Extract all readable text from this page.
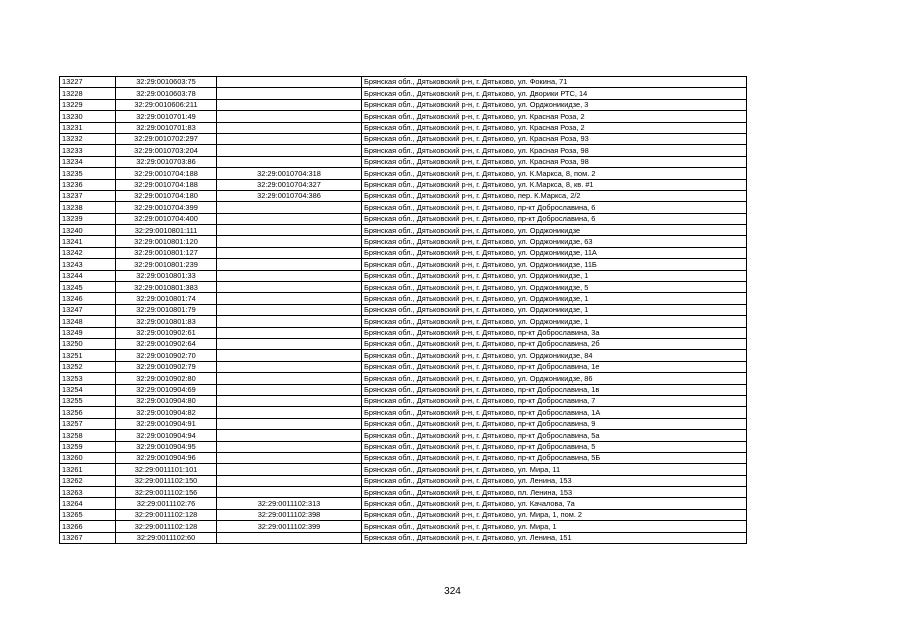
13227	32:29:0010603:75		Брянская обл., Дятьковский р-н, г. Дятьково, ул. Фокина, 71
13228	32:29:0010603:78		Брянская обл., Дятьковский р-н, г. Дятьково, ул. Дворики РТС, 14
13229	32:29:0010606:211		Брянская обл., Дятьковский р-н, г. Дятьково, ул. Орджоникидзе, 3
13230	32:29:0010701:49		Брянская обл., Дятьковский р-н, г. Дятьково, ул. Красная Роза, 2
13231	32:29:0010701:83		Брянская обл., Дятьковский р-н, г. Дятьково, ул. Красная Роза, 2
13232	32:29:0010702:297		Брянская обл., Дятьковский р-н, г. Дятьково, ул. Красная Роза, 93
13233	32:29:0010703:204		Брянская обл., Дятьковский р-н, г. Дятьково, ул. Красная Роза, 98
13234	32:29:0010703:86		Брянская обл., Дятьковский р-н, г. Дятьково, ул. Красная Роза, 98
13235	32:29:0010704:188	32:29:0010704:318	Брянская обл., Дятьковский р-н, г. Дятьково, ул. К.Маркса, 8, пом. 2
13236	32:29:0010704:188	32:29:0010704:327	Брянская обл., Дятьковский р-н, г. Дятьково, ул. К.Маркса, 8, кв. #1
13237	32:29:0010704:180	32:29:0010704:386	Брянская обл., Дятьковский р-н, г. Дятьково, пер. К.Маркса, 2/2
13238	32:29:0010704:399		Брянская обл., Дятьковский р-н, г. Дятьково, пр-кт Доброславина, 6
13239	32:29:0010704:400		Брянская обл., Дятьковский р-н, г. Дятьково, пр-кт Доброславина, 6
13240	32:29:0010801:111		Брянская обл., Дятьковский р-н, г. Дятьково, ул. Орджоникидзе
13241	32:29:0010801:120		Брянская обл., Дятьковский р-н, г. Дятьково, ул. Орджоникидзе, 63
13242	32:29:0010801:127		Брянская обл., Дятьковский р-н, г. Дятьково, ул. Орджоникидзе, 11А
13243	32:29:0010801:239		Брянская обл., Дятьковский р-н, г. Дятьково, ул. Орджоникидзе, 11Б
13244	32:29:0010801:33		Брянская обл., Дятьковский р-н, г. Дятьково, ул. Орджоникидзе, 1
13245	32:29:0010801:383		Брянская обл., Дятьковский р-н, г. Дятьково, ул. Орджоникидзе, 5
13246	32:29:0010801:74		Брянская обл., Дятьковский р-н, г. Дятьково, ул. Орджоникидзе, 1
13247	32:29:0010801:79		Брянская обл., Дятьковский р-н, г. Дятьково, ул. Орджоникидзе, 1
13248	32:29:0010801:83		Брянская обл., Дятьковский р-н, г. Дятьково, ул. Орджоникидзе, 1
13249	32:29:0010902:61		Брянская обл., Дятьковский р-н, г. Дятьково, пр-кт Доброславина, 3а
13250	32:29:0010902:64		Брянская обл., Дятьковский р-н, г. Дятьково, пр-кт Доброславина, 2б
13251	32:29:0010902:70		Брянская обл., Дятьковский р-н, г. Дятьково, ул. Орджоникидзе, 84
13252	32:29:0010902:79		Брянская обл., Дятьковский р-н, г. Дятьково, пр-кт Доброславина, 1е
13253	32:29:0010902:80		Брянская обл., Дятьковский р-н, г. Дятьково, ул. Орджоникидзе, 86
13254	32:29:0010904:69		Брянская обл., Дятьковский р-н, г. Дятьково, пр-кт Доброславина, 1в
13255	32:29:0010904:80		Брянская обл., Дятьковский р-н, г. Дятьково, пр-кт Доброславина, 7
13256	32:29:0010904:82		Брянская обл., Дятьковский р-н, г. Дятьково, пр-кт Доброславина, 1А
13257	32:29:0010904:91		Брянская обл., Дятьковский р-н, г. Дятьково, пр-кт Доброславина, 9
13258	32:29:0010904:94		Брянская обл., Дятьковский р-н, г. Дятьково, пр-кт Доброславина, 5а
13259	32:29:0010904:95		Брянская обл., Дятьковский р-н, г. Дятьково, пр-кт Доброславина, 5
13260	32:29:0010904:96		Брянская обл., Дятьковский р-н, г. Дятьково, пр-кт Доброславина, 5Б
13261	32:29:0011101:101		Брянская обл., Дятьковский р-н, г. Дятьково, ул. Мира, 11
13262	32:29:0011102:150		Брянская обл., Дятьковский р-н, г. Дятьково, ул. Ленина, 153
13263	32:29:0011102:156		Брянская обл., Дятьковский р-н, г. Дятьково, пл. Ленина, 153
13264	32:29:0011102:76	32:29:0011102:313	Брянская обл., Дятьковский р-н, г. Дятьково, ул. Качалова, 7а
13265	32:29:0011102:128	32:29:0011102:398	Брянская обл., Дятьковский р-н, г. Дятьково, ул. Мира, 1, пом. 2
13266	32:29:0011102:128	32:29:0011102:399	Брянская обл., Дятьковский р-н, г. Дятьково, ул. Мира, 1
13267	32:29:0011102:60		Брянская обл., Дятьковский р-н, г. Дятьково, ул. Ленина, 151
324
